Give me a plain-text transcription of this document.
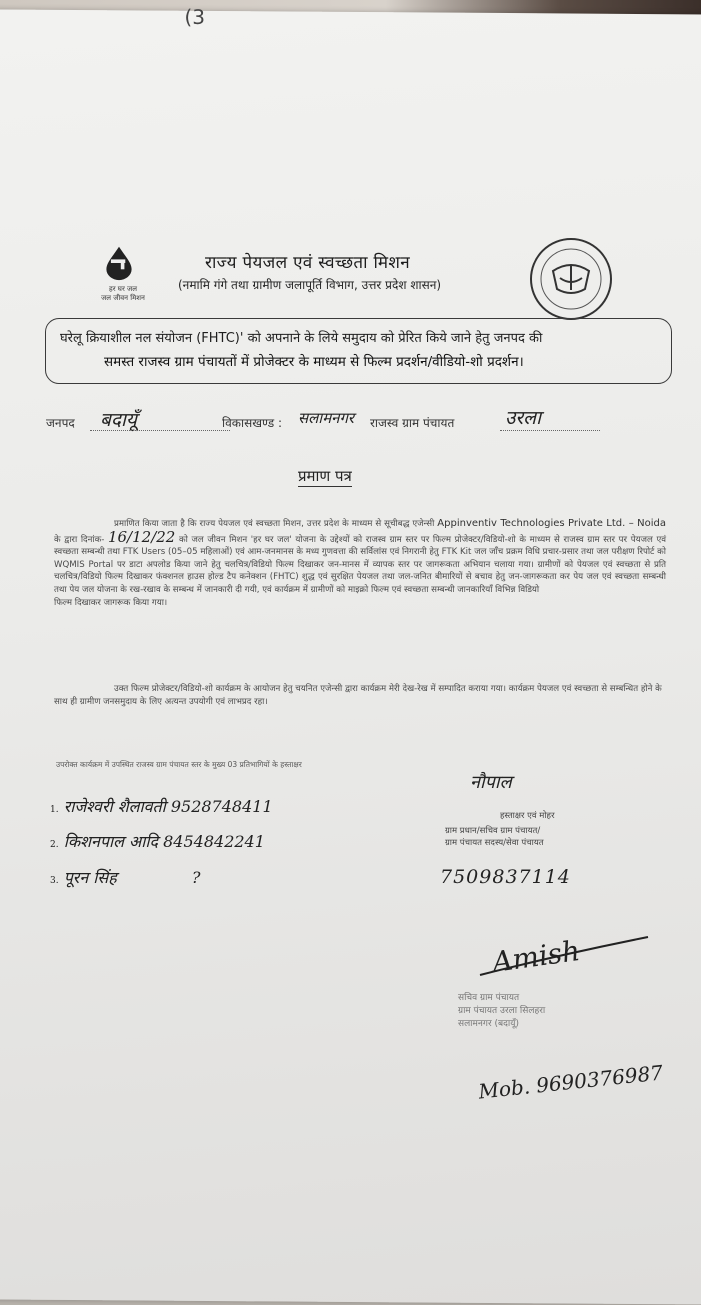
(3
हर घर जल
जल जीवन मिशन
राज्य पेयजल एवं स्वच्छता मिशन
(नमामि गंगे तथा ग्रामीण जलापूर्ति विभाग, उत्तर प्रदेश शासन)
घरेलू क्रियाशील नल संयोजन (FHTC)' को अपनाने के लिये समुदाय को प्रेरित किये जाने हेतु जनपद की
समस्त राजस्व ग्राम पंचायतों में प्रोजेक्टर के माध्यम से फिल्म प्रदर्शन/वीडियो-शो प्रदर्शन।
जनपद बदायूँ	विकासखण्ड : सलामनगर राजस्व ग्राम पंचायत	उरला
प्रमाण पत्र
प्रमाणित किया जाता है कि राज्य पेयजल एवं स्वच्छता मिशन, उत्तर प्रदेश के माध्यम से सूचीबद्ध एजेन्सी Appinventiv Technologies Private Ltd. – Noida के द्वारा दिनांक- 16/12/22 को जल जीवन मिशन 'हर घर जल' योजना के उद्देश्यों को राजस्व ग्राम स्तर पर फिल्म प्रोजेक्टर/विडियो-शो के माध्यम से राजस्व ग्राम स्तर पर पेयजल एवं स्वच्छता सम्बन्धी तथा FTK Users (05–05 महिलाओं) एवं आम-जनमानस के मध्य गुणवत्ता की सर्विलांस एवं निगरानी हेतु FTK Kit जल जाँच प्रक्रम विधि प्रचार-प्रसार तथा जल परीक्षण रिपोर्ट को WQMIS Portal पर डाटा अपलोड किया जाने हेतु चलचित्र/विडियो फिल्म दिखाकर जन-मानस में व्यापक स्तर पर जागरूकता अभियान चलाया गया। ग्रामीणों को पेयजल एवं स्वच्छता से प्रति चलचित्र/विडियो फिल्म दिखाकर फंक्शनल हाउस होल्ड टैप कनेक्शन (FHTC) शुद्ध एवं सुरक्षित पेयजल तथा जल-जनित बीमारियों से बचाव हेतु जन-जागरूकता कर पेय जल एवं स्वच्छता सम्बन्धी तथा पेय जल योजना के रख-रखाव के सम्बन्ध में जानकारी दी गयी, एवं कार्यक्रम में ग्रामीणों को माइक्रो फिल्म एवं स्वच्छता सम्बन्धी जानकारियाँ विभिन्न विडियो
फिल्म दिखाकर जागरूक किया गया।
उक्त फिल्म प्रोजेक्टर/विडियो-शो कार्यक्रम के आयोजन हेतु चयनित एजेन्सी द्वारा कार्यक्रम मेरी देख-रेख में सम्पादित कराया गया। कार्यक्रम पेयजल एवं स्वच्छता से सम्बन्धित होने के साथ ही ग्रामीण जनसमुदाय के लिए अत्यन्त उपयोगी एवं लाभप्रद रहा।
उपरोक्त कार्यक्रम में उपस्थित राजस्व ग्राम पंचायत स्तर के मुख्य 03 प्रतिभागियों के हस्ताक्षर
1. राजेश्वरी शैलावती 9528748411
2. किशनपाल आदि 8454842241
3. पूरन सिंह	?
नौपाल
हस्ताक्षर एवं मोहर
ग्राम प्रधान/सचिव ग्राम पंचायत/
ग्राम पंचायत सदस्य/सेवा पंचायत
7509837114
Amish
सचिव ग्राम पंचायत
ग्राम पंचायत उरला सिलहरा
सलामनगर (बदायूँ)
Mob. 9690376987
